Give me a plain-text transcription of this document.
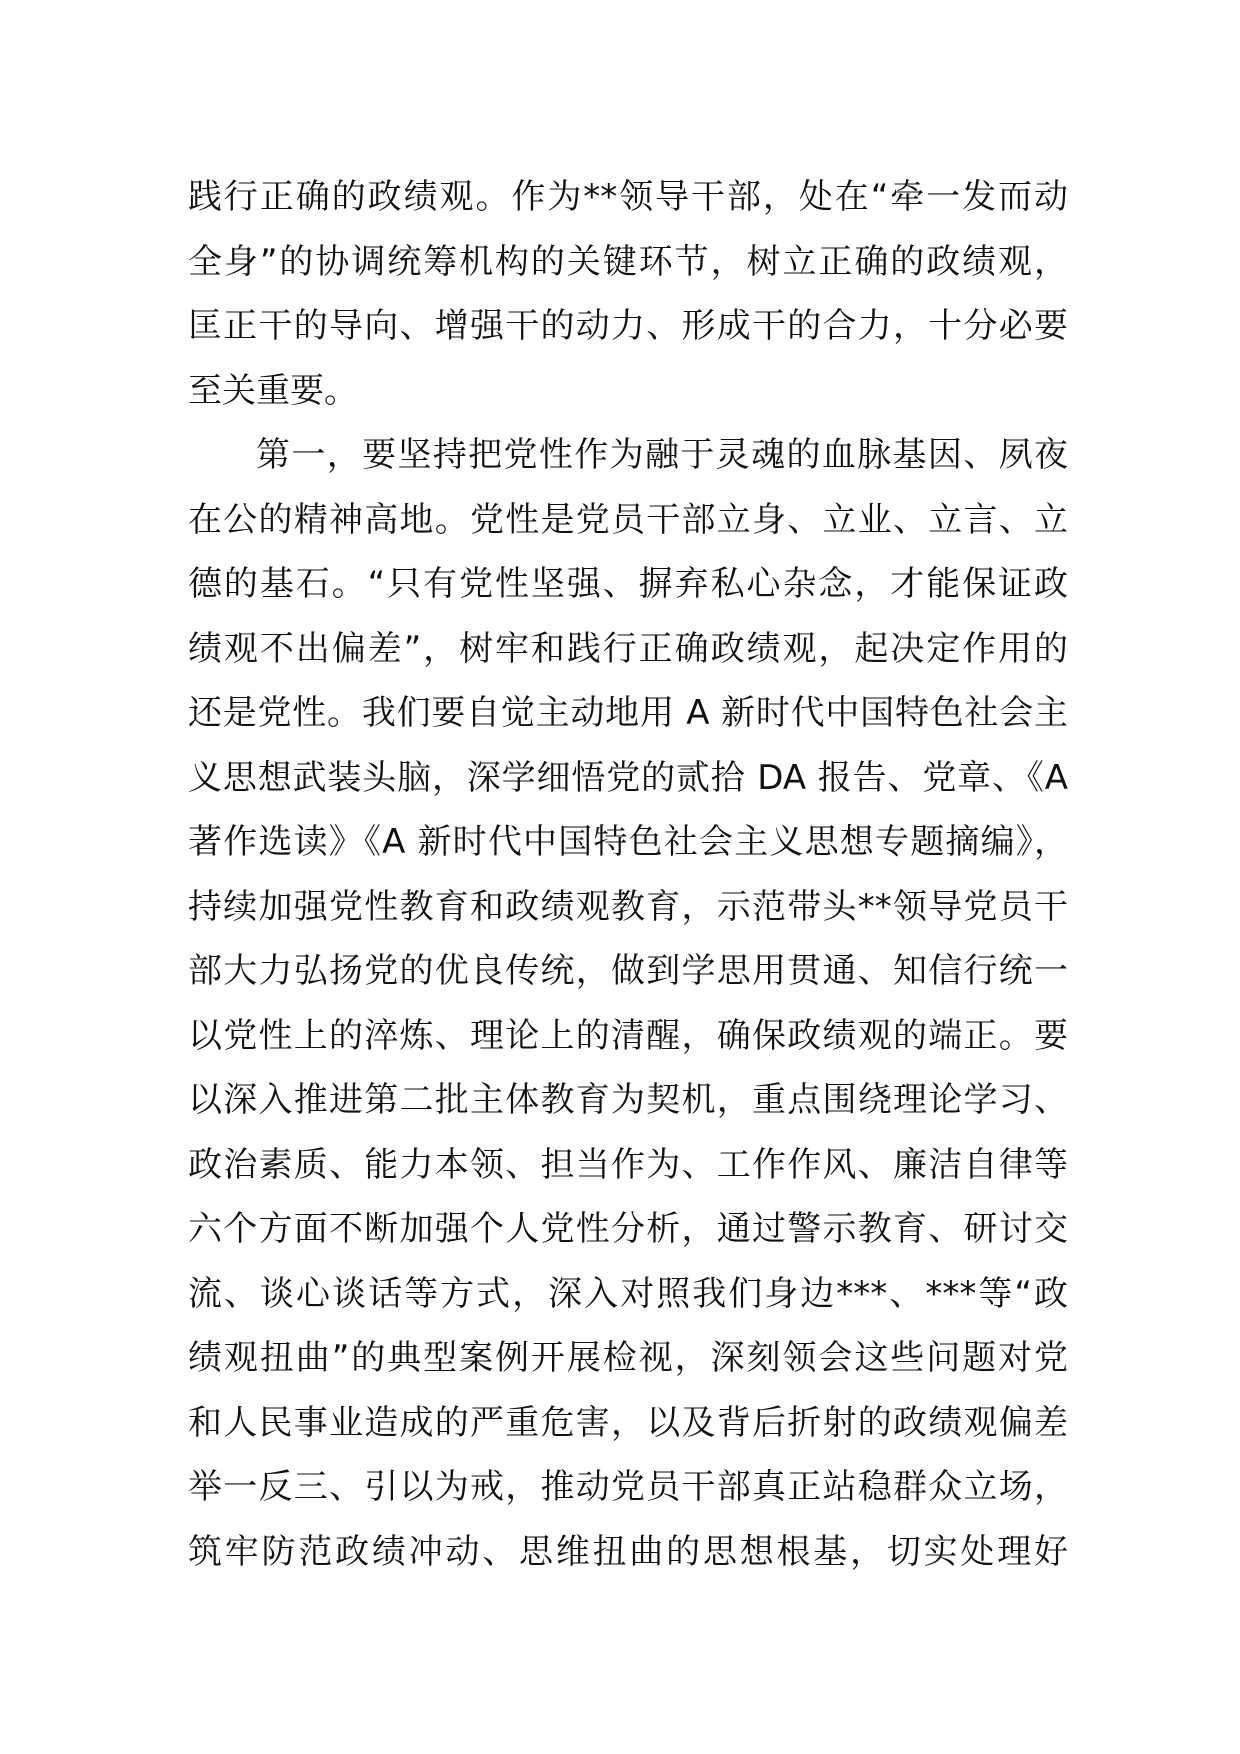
践行正确的政绩观。作为**领导干部，处在“牵一发而动
全身”的协调统筹机构的关键环节，树立正确的政绩观，
匡正干的导向、增强干的动力、形成干的合力，十分必要
至关重要。
第一，要坚持把党性作为融于灵魂的血脉基因、夙夜
在公的精神高地。党性是党员干部立身、立业、立言、立
德的基石。“只有党性坚强、摒弃私心杂念，才能保证政
绩观不出偏差”，树牢和践行正确政绩观，起决定作用的
还是党性。我们要自觉主动地用 A 新时代中国特色社会主
义思想武装头脑，深学细悟党的贰拾 DA 报告、党章、《A
著作选读》《A 新时代中国特色社会主义思想专题摘编》，
持续加强党性教育和政绩观教育，示范带头**领导党员干
部大力弘扬党的优良传统，做到学思用贯通、知信行统一
以党性上的淬炼、理论上的清醒，确保政绩观的端正。要
以深入推进第二批主体教育为契机，重点围绕理论学习、
政治素质、能力本领、担当作为、工作作风、廉洁自律等
六个方面不断加强个人党性分析，通过警示教育、研讨交
流、谈心谈话等方式，深入对照我们身边***、***等“政
绩观扭曲”的典型案例开展检视，深刻领会这些问题对党
和人民事业造成的严重危害，以及背后折射的政绩观偏差
举一反三、引以为戒，推动党员干部真正站稳群众立场，
筑牢防范政绩冲动、思维扭曲的思想根基，切实处理好
